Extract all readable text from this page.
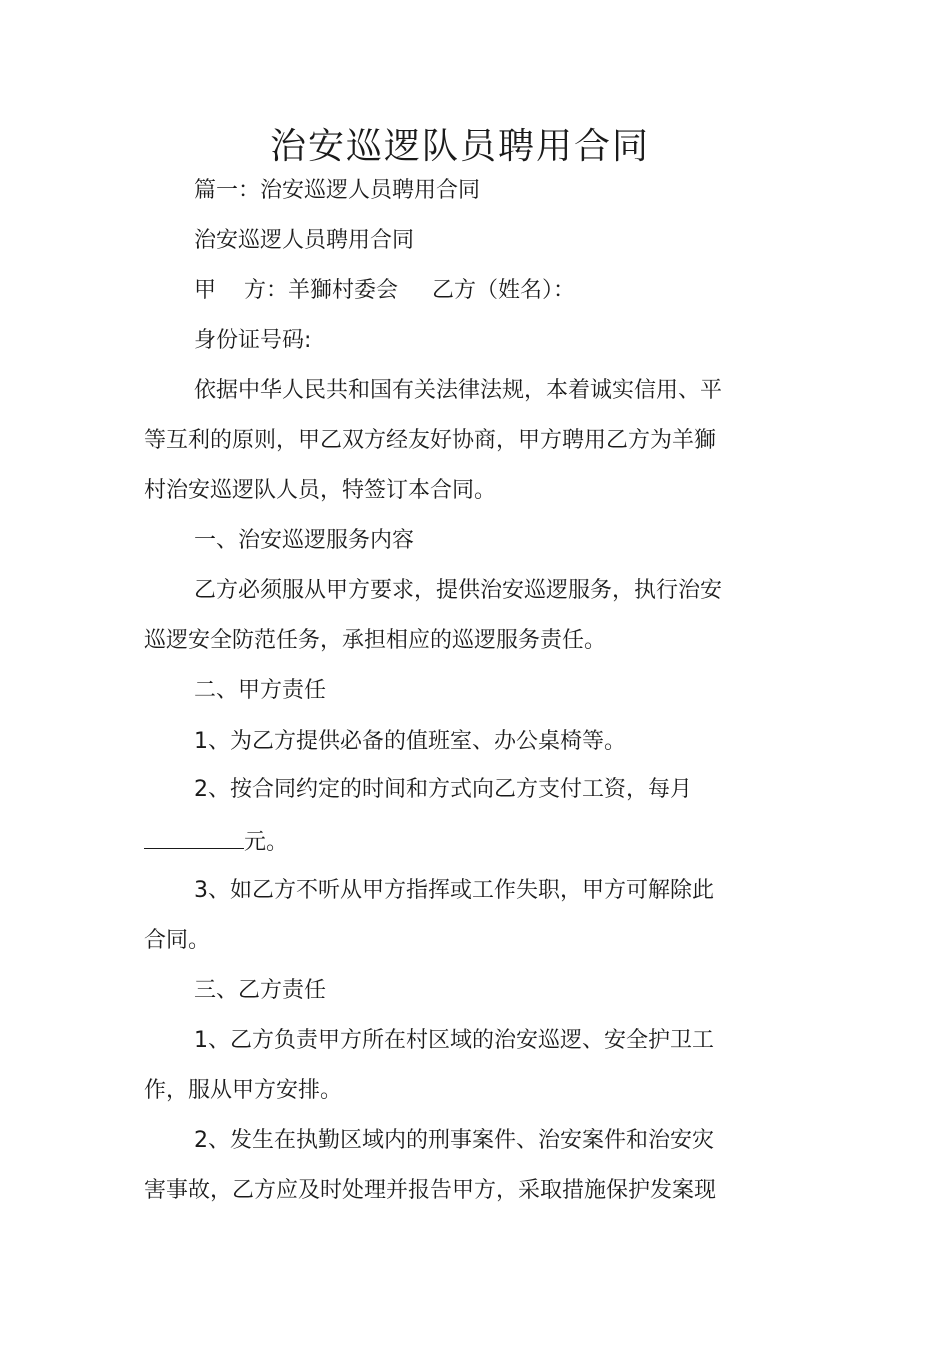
治安巡逻队员聘用合同
篇一：治安巡逻人员聘用合同
治安巡逻人员聘用合同
甲 方：羊獅村委会 乙方（姓名）：
身份证号码:
依据中华人民共和国有关法律法规，本着诚实信用、平
等互利的原则，甲乙双方经友好协商，甲方聘用乙方为羊獅
村治安巡逻队人员，特签订本合同。
一、治安巡逻服务内容
乙方必须服从甲方要求，提供治安巡逻服务，执行治安
巡逻安全防范任务，承担相应的巡逻服务责任。
二、甲方责任
1、为乙方提供必备的值班室、办公桌椅等。
2、按合同约定的时间和方式向乙方支付工资，每月
元。
3、如乙方不听从甲方指挥或工作失职，甲方可解除此
合同。
三、乙方责任
1、乙方负责甲方所在村区域的治安巡逻、安全护卫工
作，服从甲方安排。
2、发生在执勤区域内的刑事案件、治安案件和治安灾
害事故，乙方应及时处理并报告甲方，采取措施保护发案现
